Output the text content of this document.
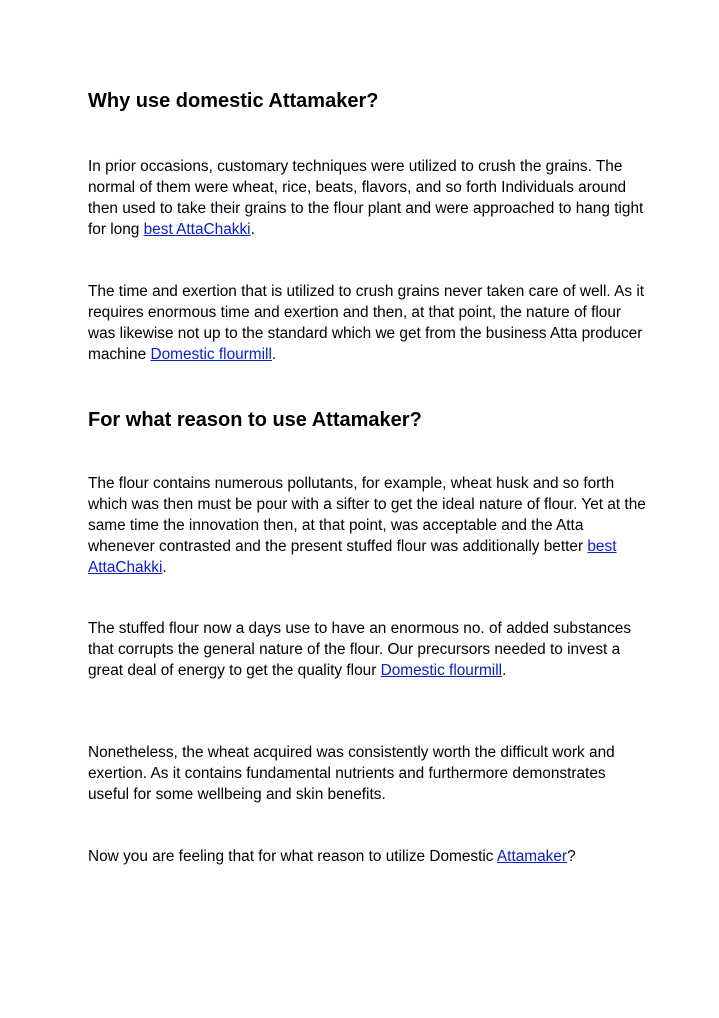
Why use domestic Attamaker?

In prior occasions, customary techniques were utilized to crush the grains. The normal of them were wheat, rice, beats, flavors, and so forth Individuals around then used to take their grains to the flour plant and were approached to hang tight for long best AttaChakki.

The time and exertion that is utilized to crush grains never taken care of well. As it requires enormous time and exertion and then, at that point, the nature of flour was likewise not up to the standard which we get from the business Atta producer machine Domestic flourmill.

For what reason to use Attamaker?

The flour contains numerous pollutants, for example, wheat husk and so forth which was then must be pour with a sifter to get the ideal nature of flour. Yet at the same time the innovation then, at that point, was acceptable and the Atta whenever contrasted and the present stuffed flour was additionally better best AttaChakki.

The stuffed flour now a days use to have an enormous no. of added substances that corrupts the general nature of the flour. Our precursors needed to invest a great deal of energy to get the quality flour Domestic flourmill.

Nonetheless, the wheat acquired was consistently worth the difficult work and exertion. As it contains fundamental nutrients and furthermore demonstrates useful for some wellbeing and skin benefits.

Now you are feeling that for what reason to utilize Domestic Attamaker?
